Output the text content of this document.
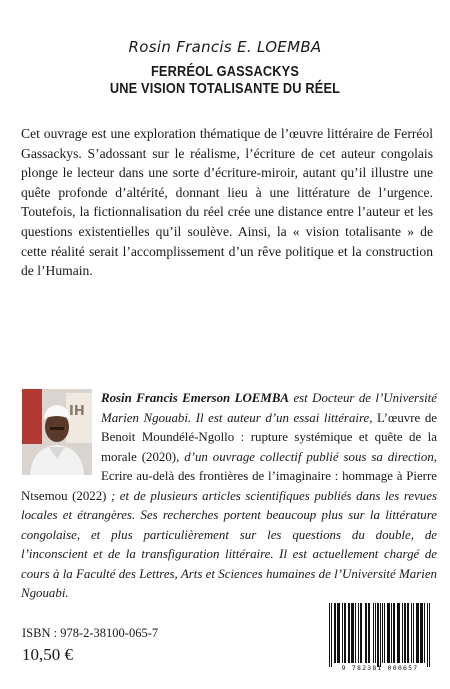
Rosin Francis E. LOEMBA
FERRÉOL GASSACKYS
UNE VISION TOTALISANTE DU RÉEL
Cet ouvrage est une exploration thématique de l’œuvre littéraire de Ferréol Gassackys. S’adossant sur le réalisme, l’écriture de cet auteur congolais plonge le lecteur dans une sorte d’écriture-miroir, autant qu’il illustre une quête profonde d’altérité, donnant lieu à une littérature de l’urgence. Toutefois, la fictionnalisation du réel crée une distance entre l’auteur et les questions existentielles qu’il soulève. Ainsi, la « vision totalisante » de cette réalité serait l’accomplissement d’un rêve politique et la construction de l’Humain.
IH
Rosin Francis Emerson LOEMBA est Docteur de l’Université Marien Ngouabi. Il est auteur d’un essai littéraire, L’œuvre de Benoit Moundélé-Ngollo : rupture systémique et quête de la morale (2020), d’un ouvrage collectif publié sous sa direction, Ecrire au-delà des frontières de l’imaginaire : hommage à Pierre Ntsemou (2022) ; et de plusieurs articles scientifiques publiés dans les revues locales et étrangères. Ses recherches portent beaucoup plus sur la littérature congolaise, et plus particulièrement sur les questions du double, de l’inconscient et de la transfiguration littéraire. Il est actuellement chargé de cours à la Faculté des Lettres, Arts et Sciences humaines de l’Université Marien Ngouabi.
ISBN : 978-2-38100-065-7
10,50 €
9 782381 000657
